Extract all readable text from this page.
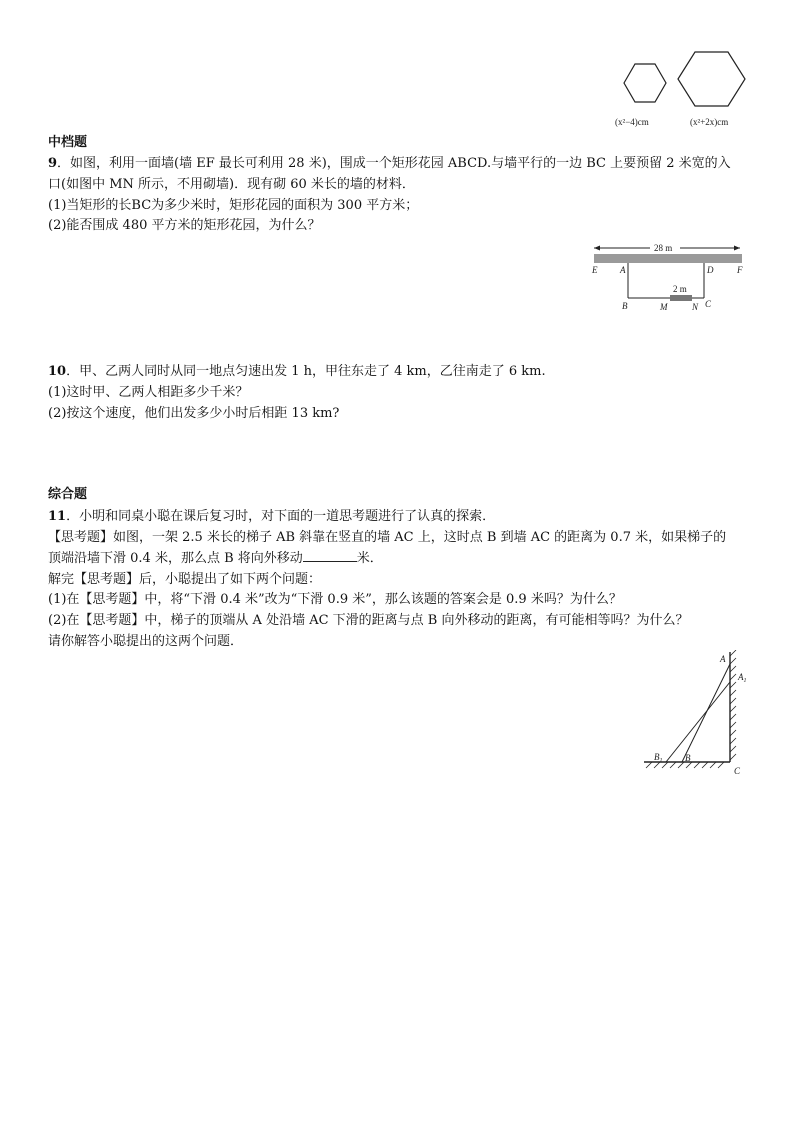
(x²−4)cm	(x²+2x)cm
中档题
9．如图，利用一面墙(墙 EF 最长可利用 28 米)，围成一个矩形花园 ABCD.与墙平行的一边 BC 上要预留 2 米宽的入
口(如图中 MN 所示，不用砌墙)．现有砌 60 米长的墙的材料．
(1)当矩形的长BC为多少米时，矩形花园的面积为 300 平方米；
(2)能否围成 480 平方米的矩形花园，为什么？
28 m
2 m
E	A	D	F
B	M	N C
10．甲、乙两人同时从同一地点匀速出发 1 h，甲往东走了 4 km，乙往南走了 6 km.
(1)这时甲、乙两人相距多少千米？
(2)按这个速度，他们出发多少小时后相距 13 km?
综合题
11．小明和同桌小聪在课后复习时，对下面的一道思考题进行了认真的探索．
【思考题】如图，一架 2.5 米长的梯子 AB 斜靠在竖直的墙 AC 上，这时点 B 到墙 AC 的距离为 0.7 米，如果梯子的
顶端沿墙下滑 0.4 米，那么点 B 将向外移动	米．
解完【思考题】后，小聪提出了如下两个问题：
(1)在【思考题】中，将“下滑 0.4 米”改为“下滑 0.9 米”，那么该题的答案会是 0.9 米吗？为什么？
(2)在【思考题】中，梯子的顶端从 A 处沿墙 AC 下滑的距离与点 B 向外移动的距离，有可能相等吗？为什么？
请你解答小聪提出的这两个问题．
A
$A_1$
$B_1$	B
C
